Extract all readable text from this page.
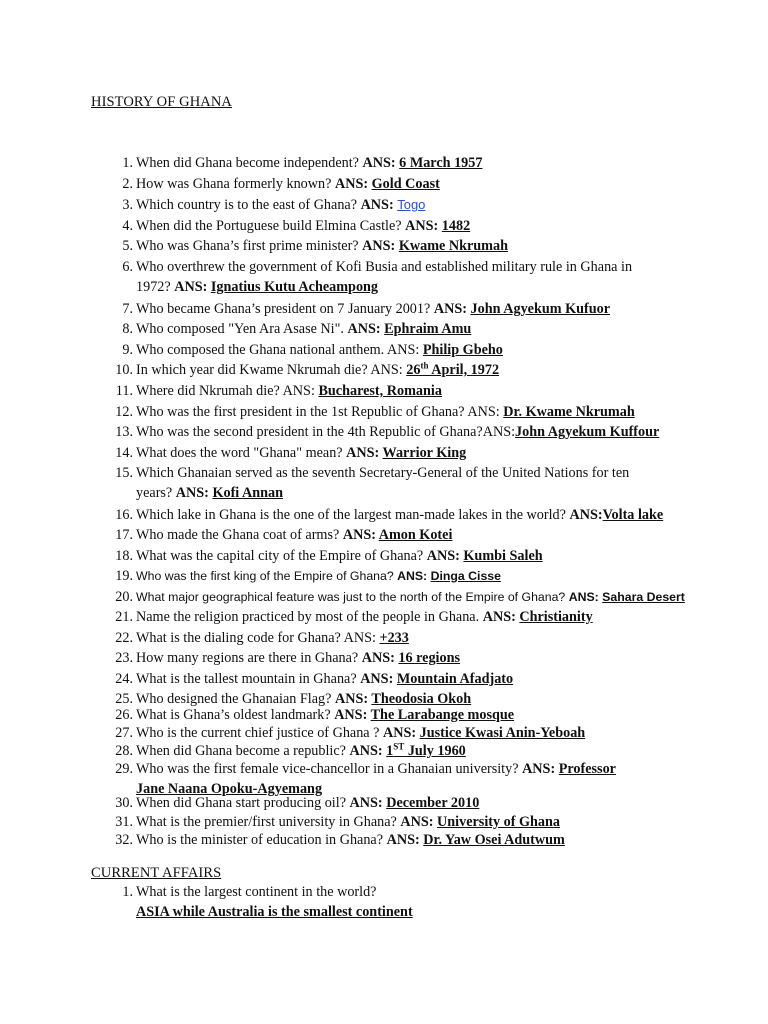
HISTORY OF GHANA
1. When did Ghana become independent? ANS: 6 March 1957
2. How was Ghana formerly known? ANS: Gold Coast
3. Which country is to the east of Ghana? ANS: Togo
4. When did the Portuguese build Elmina Castle? ANS: 1482
5. Who was Ghana’s first prime minister? ANS: Kwame Nkrumah
6. Who overthrew the government of Kofi Busia and established military rule in Ghana in
1972? ANS: Ignatius Kutu Acheampong
7. Who became Ghana’s president on 7 January 2001? ANS: John Agyekum Kufuor
8. Who composed "Yen Ara Asase Ni". ANS: Ephraim Amu
9. Who composed the Ghana national anthem. ANS: Philip Gbeho
10. In which year did Kwame Nkrumah die? ANS: 26th April, 1972
11. Where did Nkrumah die? ANS: Bucharest, Romania
12. Who was the first president in the 1st Republic of Ghana? ANS: Dr. Kwame Nkrumah
13. Who was the second president in the 4th Republic of Ghana?ANS:John Agyekum Kuffour
14. What does the word "Ghana" mean? ANS: Warrior King
15. Which Ghanaian served as the seventh Secretary-General of the United Nations for ten
years? ANS: Kofi Annan
16. Which lake in Ghana is the one of the largest man-made lakes in the world? ANS:Volta lake
17. Who made the Ghana coat of arms? ANS: Amon Kotei
18. What was the capital city of the Empire of Ghana? ANS: Kumbi Saleh
19. Who was the first king of the Empire of Ghana? ANS: Dinga Cisse
20. What major geographical feature was just to the north of the Empire of Ghana? ANS: Sahara Desert
21. Name the religion practiced by most of the people in Ghana. ANS: Christianity
22. What is the dialing code for Ghana? ANS: +233
23. How many regions are there in Ghana? ANS: 16 regions
24. What is the tallest mountain in Ghana? ANS: Mountain Afadjato
25. Who designed the Ghanaian Flag? ANS: Theodosia Okoh
26. What is Ghana’s oldest landmark? ANS: The Larabange mosque
27. Who is the current chief justice of Ghana ? ANS: Justice Kwasi Anin-Yeboah
28. When did Ghana become a republic? ANS: 1ST July 1960
29. Who was the first female vice-chancellor in a Ghanaian university? ANS: Professor
Jane Naana Opoku-Agyemang
30. When did Ghana start producing oil? ANS: December 2010
31. What is the premier/first university in Ghana? ANS: University of Ghana
32. Who is the minister of education in Ghana? ANS: Dr. Yaw Osei Adutwum
CURRENT AFFAIRS
1. What is the largest continent in the world?
ASIA while Australia is the smallest continent
